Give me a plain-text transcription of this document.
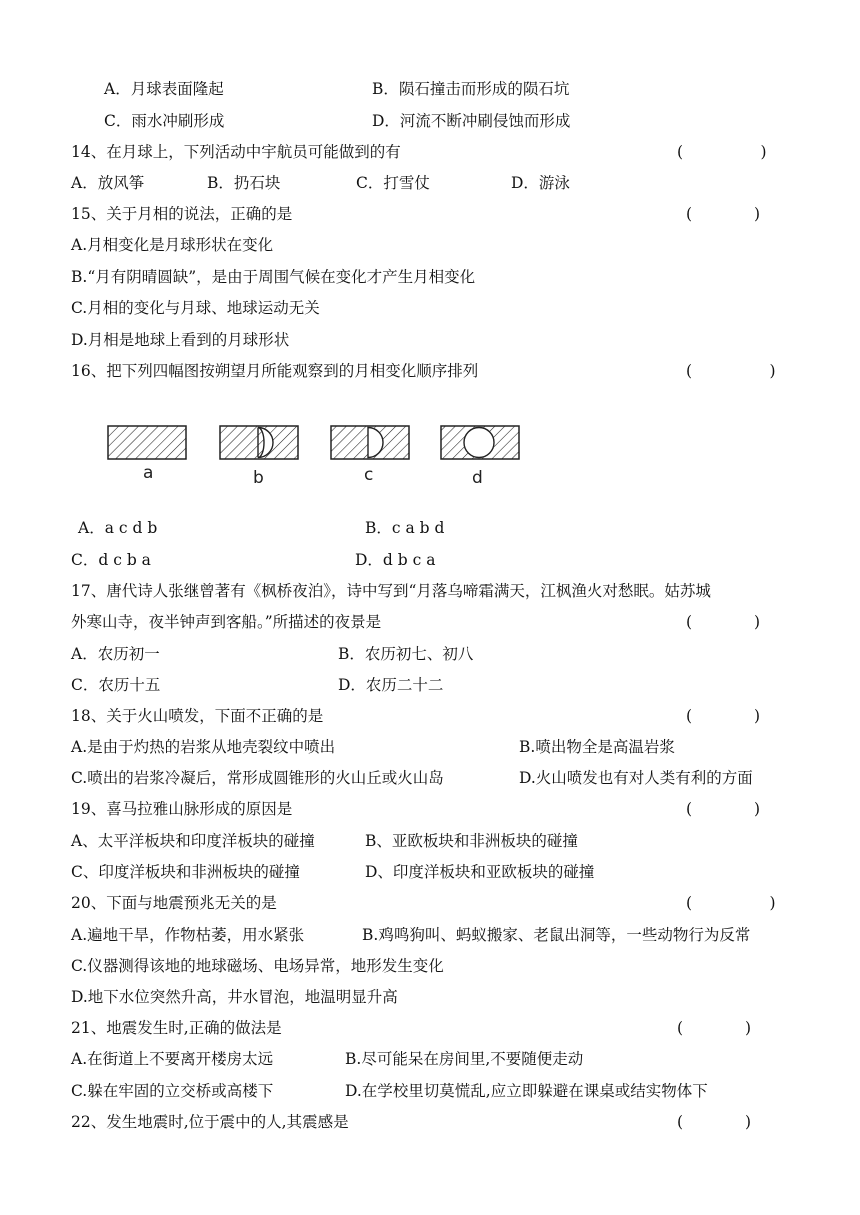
A．月球表面隆起	B．陨石撞击而形成的陨石坑
C．雨水冲刷形成	D．河流不断冲刷侵蚀而形成
14、在月球上，下列活动中宇航员可能做到的有	(　　　　　)
A．放风筝	B．扔石块	C．打雪仗	D．游泳
15、关于月相的说法，正确的是	(　　　　)
A.月相变化是月球形状在变化
B.“月有阴晴圆缺”，是由于周围气候在变化才产生月相变化
C.月相的变化与月球、地球运动无关
D.月相是地球上看到的月球形状
16、把下列四幅图按朔望月所能观察到的月相变化顺序排列	(　　　　　)
a	b	c	d
A．a c d b	B．c a b d
C．d c b a	D．d b c a
17、唐代诗人张继曾著有《枫桥夜泊》，诗中写到“月落乌啼霜满天，江枫渔火对愁眠。姑苏城
外寒山寺，夜半钟声到客船。”所描述的夜景是	(　　　　)
A．农历初一	B．农历初七、初八
C．农历十五	D．农历二十二
18、关于火山喷发，下面不正确的是	(　　　　)
A.是由于灼热的岩浆从地壳裂纹中喷出	B.喷出物全是高温岩浆
C.喷出的岩浆冷凝后，常形成圆锥形的火山丘或火山岛	D.火山喷发也有对人类有利的方面
19、喜马拉雅山脉形成的原因是	(　　　　)
A、太平洋板块和印度洋板块的碰撞	B、亚欧板块和非洲板块的碰撞
C、印度洋板块和非洲板块的碰撞	D、印度洋板块和亚欧板块的碰撞
20、下面与地震预兆无关的是	(　　　　　)
A.遍地干旱，作物枯萎，用水紧张	B.鸡鸣狗叫、蚂蚁搬家、老鼠出洞等，一些动物行为反常
C.仪器测得该地的地球磁场、电场异常，地形发生变化
D.地下水位突然升高，井水冒泡，地温明显升高
21、地震发生时,正确的做法是	(　　　　)
A.在街道上不要离开楼房太远	B.尽可能呆在房间里,不要随便走动
C.躲在牢固的立交桥或高楼下	D.在学校里切莫慌乱,应立即躲避在课桌或结实物体下
22、发生地震时,位于震中的人,其震感是	(　　　　)
